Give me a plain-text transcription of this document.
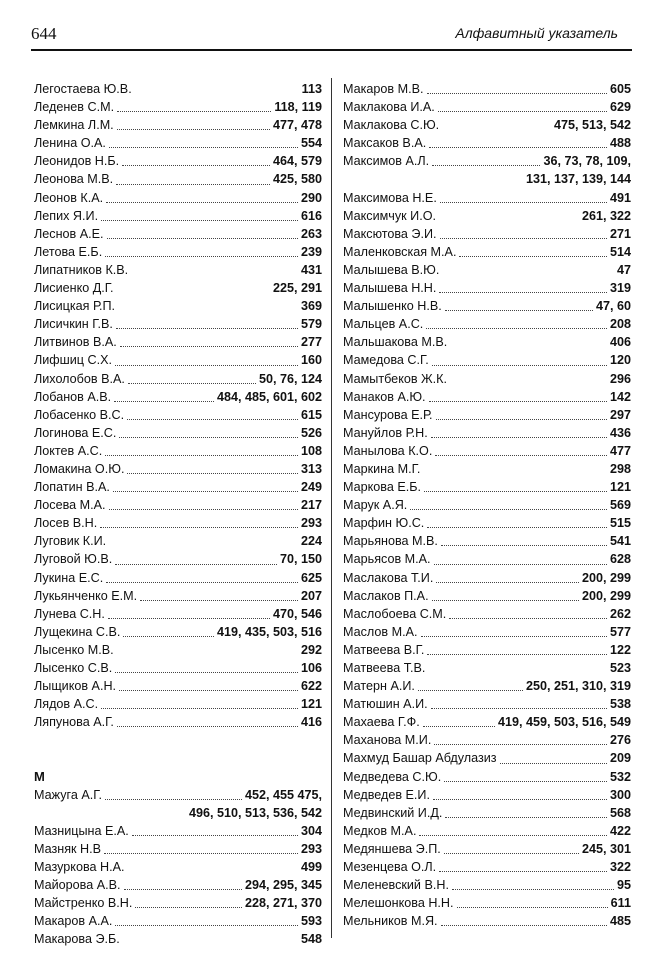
644	Алфавитный указатель
Легостаева Ю.В.	113
Леденев С.М.	118, 119
Лемкина Л.М.	477, 478
Ленина О.А.	554
Леонидов Н.Б.	464, 579
Леонова М.В.	425, 580
Леонов К.А.	290
Лепих Я.И.	616
Леснов А.Е.	263
Летова Е.Б.	239
Липатников К.В.	431
Лисиенко Д.Г.	225, 291
Лисицкая Р.П.	369
Лисичкин Г.В.	579
Литвинов В.А.	277
Лифшиц С.Х.	160
Лихолобов В.А.	50, 76, 124
Лобанов А.В.	484, 485, 601, 602
Лобасенко В.С.	615
Логинова Е.С.	526
Локтев А.С.	108
Ломакина О.Ю.	313
Лопатин В.А.	249
Лосева М.А.	217
Лосев В.Н.	293
Луговик К.И.	224
Луговой Ю.В.	70, 150
Лукина Е.С.	625
Лукьянченко Е.М.	207
Лунева С.Н.	470, 546
Лущекина С.В.	419, 435, 503, 516
Лысенко М.В.	292
Лысенко С.В.	106
Лыщиков А.Н.	622
Лядов А.С.	121
Ляпунова А.Г.	416
М
Мажуга А.Г.	452, 455 475,
496, 510, 513, 536, 542
Мазницына Е.А.	304
Мазняк Н.В	293
Мазуркова Н.А.	499
Майорова А.В.	294, 295, 345
Майстренко В.Н.	228, 271, 370
Макаров А.А.	593
Макарова Э.Б.	548
Макаров М.В.	605
Маклакова И.А.	629
Маклакова С.Ю.	475, 513, 542
Максаков В.А.	488
Максимов А.Л.	36, 73, 78, 109,
131, 137, 139, 144
Максимова Н.Е.	491
Максимчук И.О.	261, 322
Максютова Э.И.	271
Маленковская М.А.	514
Малышева В.Ю.	47
Малышева Н.Н.	319
Малышенко Н.В.	47, 60
Мальцев А.С.	208
Мальшакова М.В.	406
Мамедова С.Г.	120
Мамытбеков Ж.К.	296
Манаков А.Ю.	142
Мансурова Е.Р.	297
Мануйлов Р.Н.	436
Манылова К.О.	477
Маркина М.Г.	298
Маркова Е.Б.	121
Марук А.Я.	569
Марфин Ю.С.	515
Марьянова М.В.	541
Марьясов М.А.	628
Маслакова Т.И.	200, 299
Маслаков П.А.	200, 299
Маслобоева С.М.	262
Маслов М.А.	577
Матвеева В.Г.	122
Матвеева Т.В.	523
Матерн А.И.	250, 251, 310, 319
Матюшин А.И.	538
Махаева Г.Ф.	419, 459, 503, 516, 549
Маханова М.И.	276
Махмуд Башар Абдулазиз	209
Медведева С.Ю.	532
Медведев Е.И.	300
Медвинский И.Д.	568
Медков М.А.	422
Медяншева Э.П.	245, 301
Мезенцева О.Л.	322
Меленевский В.Н.	95
Мелешонкова Н.Н.	611
Мельников М.Я.	485
